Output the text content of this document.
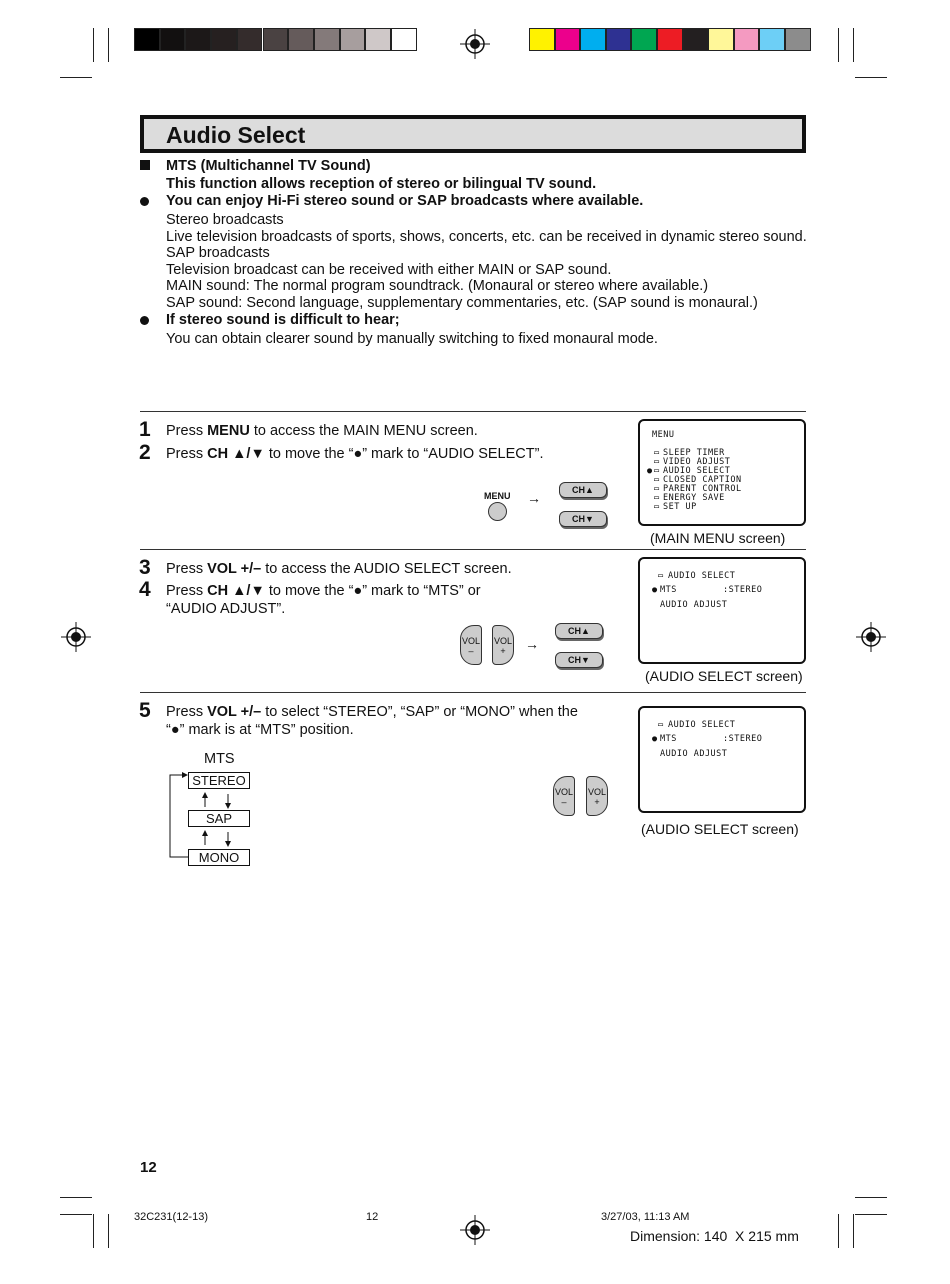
Audio Select
MTS (Multichannel TV Sound)
This function allows reception of stereo or bilingual TV sound.
You can enjoy Hi-Fi stereo sound or SAP broadcasts where available.
Stereo broadcasts
Live television broadcasts of sports, shows, concerts, etc. can be received in dynamic stereo sound.
SAP broadcasts
Television broadcast can be received with either MAIN or SAP sound.
MAIN sound: The normal program soundtrack. (Monaural or stereo where available.)
SAP sound: Second language, supplementary commentaries, etc. (SAP sound is monaural.)
If stereo sound is difficult to hear;
You can obtain clearer sound by manually switching to fixed monaural mode.
1 Press MENU to access the MAIN MENU screen.
2 Press CH ▲/▼ to move the “●” mark to “AUDIO SELECT”.
MENU →	CH▲
CH▼
MENU
▭
▭
▭
▭
▭
▭
▭
●
SLEEP TIMER
VIDEO ADJUST
AUDIO SELECT
CLOSED CAPTION
PARENT CONTROL
ENERGY SAVE
SET UP
(MAIN MENU screen)
3 Press VOL +/– to access the AUDIO SELECT screen.
4 Press CH ▲/▼ to move the “●” mark to “MTS” or
“AUDIO ADJUST”.
VOL
–
VOL
+	→
CH▲
CH▼
▭ AUDIO SELECT
● MTS	:STEREO
AUDIO ADJUST
(AUDIO SELECT screen)
5 Press VOL +/– to select “STEREO”, “SAP” or “MONO” when the
“●” mark is at “MTS” position.
MTS
STEREO
SAP
MONO
VOL
–
VOL
+
▭ AUDIO SELECT
● MTS	:STEREO
AUDIO ADJUST
(AUDIO SELECT screen)
12
32C231(12-13)	12	3/27/03, 11:13 AM
Dimension: 140  X 215 mm
